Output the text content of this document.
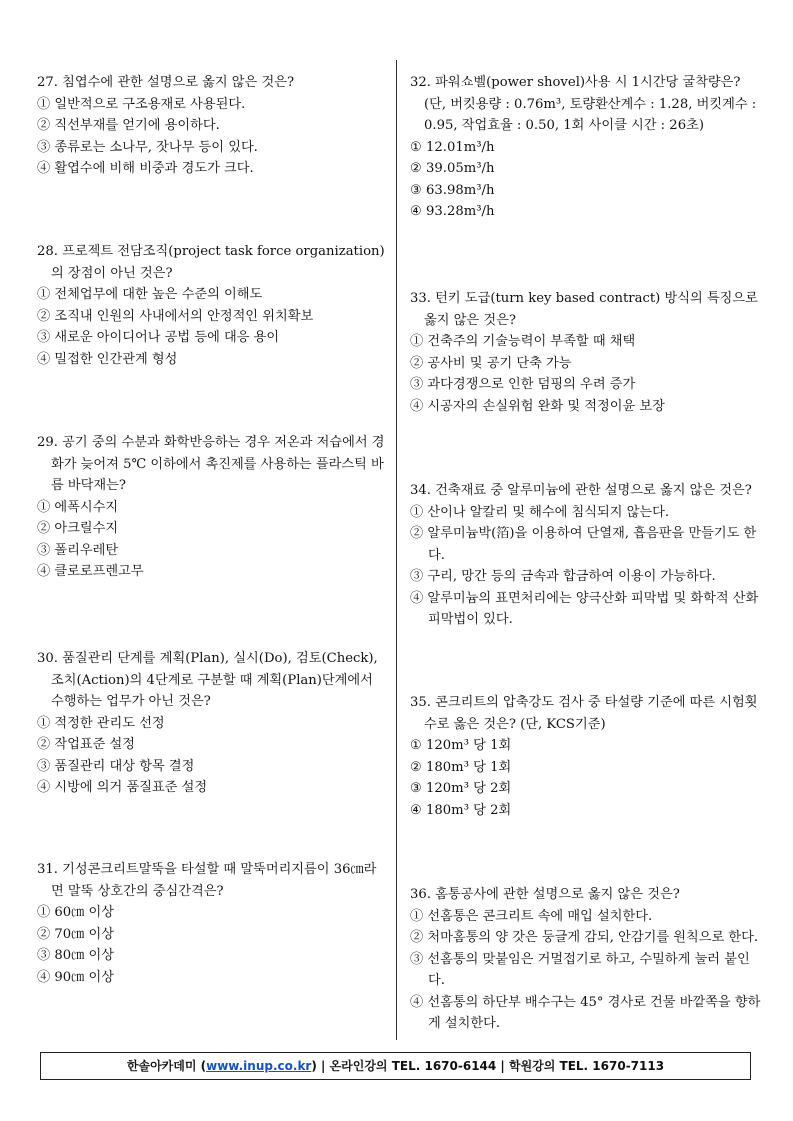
27. 침엽수에 관한 설명으로 옳지 않은 것은?

① 일반적으로 구조용재로 사용된다.

② 직선부재를 얻기에 용이하다.

③ 종류로는 소나무, 잣나무 등이 있다.

④ 활엽수에 비해 비중과 경도가 크다.

28. 프로젝트 전담조직(project task force organization)의 장점이 아닌 것은?

① 전체업무에 대한 높은 수준의 이해도

② 조직내 인원의 사내에서의 안정적인 위치확보

③ 새로운 아이디어나 공법 등에 대응 용이

④ 밀접한 인간관계 형성

29. 공기 중의 수분과 화학반응하는 경우 저온과 저습에서 경화가 늦어져 5℃ 이하에서 촉진제를 사용하는 플라스틱 바름 바닥재는?

① 에폭시수지

② 아크릴수지

③ 폴리우레탄

④ 클로로프렌고무

30. 품질관리 단계를 계획(Plan), 실시(Do), 검토(Check), 조치(Action)의 4단계로 구분할 때 계획(Plan)단계에서 수행하는 업무가 아닌 것은?

① 적정한 관리도 선정

② 작업표준 설정

③ 품질관리 대상 항목 결정

④ 시방에 의거 품질표준 설정

31. 기성콘크리트말뚝을 타설할 때 말뚝머리지름이 36㎝라면 말뚝 상호간의 중심간격은?

① 60㎝ 이상

② 70㎝ 이상

③ 80㎝ 이상

④ 90㎝ 이상

32. 파워쇼벨(power shovel)사용 시 1시간당 굴착량은? (단, 버킷용량 : 0.76m³, 토량환산계수 : 1.28, 버킷계수 : 0.95, 작업효율 : 0.50, 1회 사이클 시간 : 26초)

① 12.01m³/h

② 39.05m³/h

③ 63.98m³/h

④ 93.28m³/h

33. 턴키 도급(turn key based contract) 방식의 특징으로 옳지 않은 것은?

① 건축주의 기술능력이 부족할 때 채택

② 공사비 및 공기 단축 가능

③ 과다경쟁으로 인한 덤핑의 우려 증가

④ 시공자의 손실위험 완화 및 적정이윤 보장

34. 건축재료 중 알루미늄에 관한 설명으로 옳지 않은 것은?

① 산이나 알칼리 및 해수에 침식되지 않는다.

② 알루미늄박(箔)을 이용하여 단열재, 흡음판을 만들기도 한다.

③ 구리, 망간 등의 금속과 합금하여 이용이 가능하다.

④ 알루미늄의 표면처리에는 양극산화 피막법 및 화학적 산화피막법이 있다.

35. 콘크리트의 압축강도 검사 중 타설량 기준에 따른 시험횟수로 옳은 것은? (단, KCS기준)

① 120m³ 당 1회

② 180m³ 당 1회

③ 120m³ 당 2회

④ 180m³ 당 2회

36. 홈통공사에 관한 설명으로 옳지 않은 것은?

① 선홈통은 콘크리트 속에 매입 설치한다.

② 처마홈통의 양 갓은 둥글게 감되, 안감기를 원칙으로 한다.

③ 선홈통의 맞붙임은 거멀접기로 하고, 수밀하게 눌러 붙인다.

④ 선홈통의 하단부 배수구는 45° 경사로 건물 바깥쪽을 향하게 설치한다.

한솔아카데미 (www.inup.co.kr) | 온라인강의 TEL. 1670-6144 | 학원강의 TEL. 1670-7113
